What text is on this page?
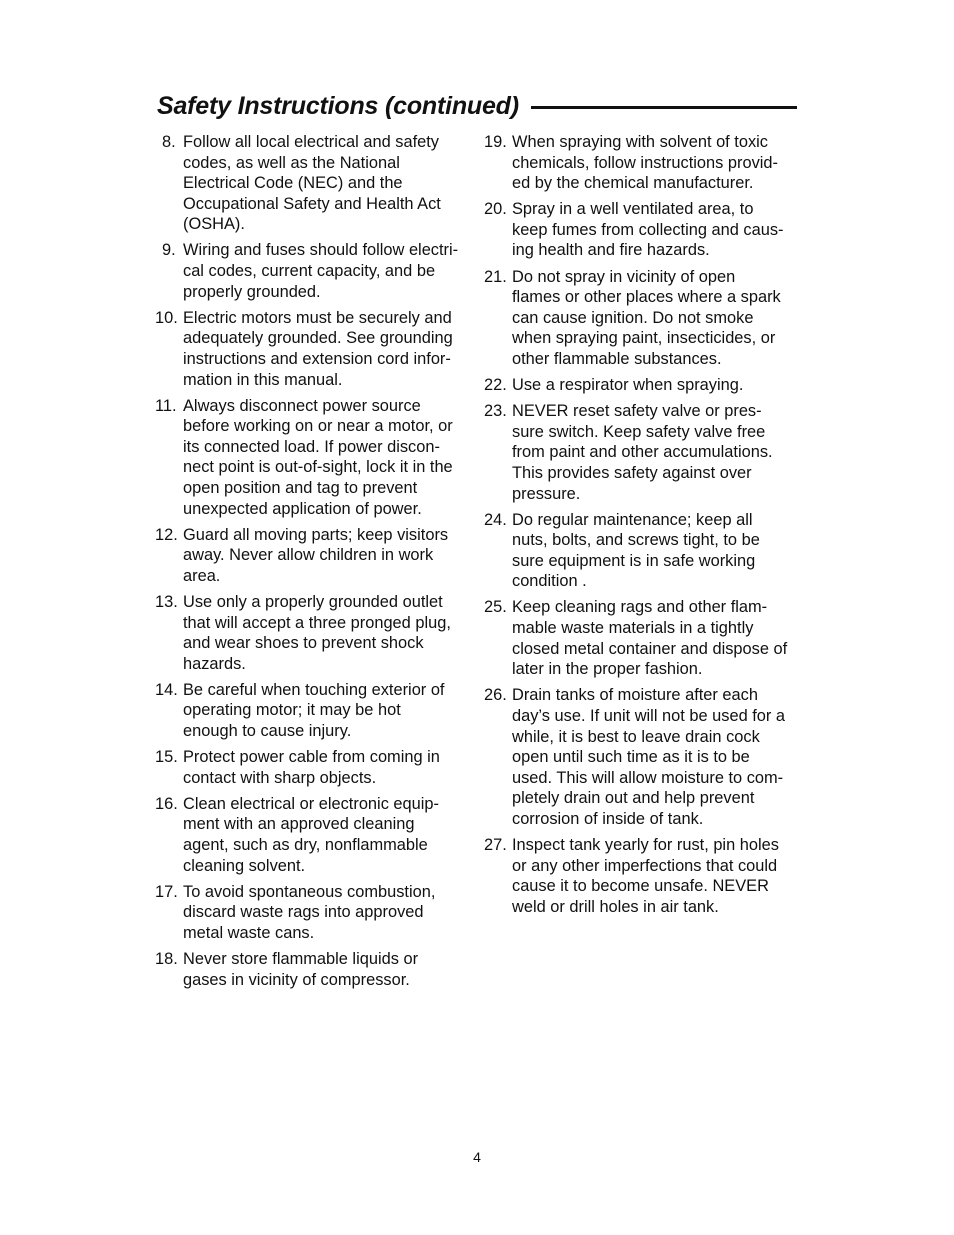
Safety Instructions (continued)
8. Follow all local electrical and safety
codes, as well as the National
Electrical Code (NEC) and the
Occupational Safety and Health Act
(OSHA).
9. Wiring and fuses should follow electri-
cal codes, current capacity, and be
properly grounded.
10. Electric motors must be securely and
adequately grounded. See grounding
instructions and extension cord infor-
mation in this manual.
11. Always disconnect power source
before working on or near a motor, or
its connected load. If power discon-
nect point is out-of-sight, lock it in the
open position and tag to prevent
unexpected application of power.
12. Guard all moving parts; keep visitors
away. Never allow children in work
area.
13. Use only a properly grounded outlet
that will accept a three pronged plug,
and wear shoes to prevent shock
hazards.
14. Be careful when touching exterior of
operating motor; it may be hot
enough to cause injury.
15. Protect power cable from coming in
contact with sharp objects.
16. Clean electrical or electronic equip-
ment with an approved cleaning
agent, such as dry, nonflammable
cleaning solvent.
17. To avoid spontaneous combustion,
discard waste rags into approved
metal waste cans.
18. Never store flammable liquids or
gases in vicinity of compressor.
19. When spraying with solvent of toxic
chemicals, follow instructions provid-
ed by the chemical manufacturer.
20. Spray in a well ventilated area, to
keep fumes from collecting and caus-
ing health and fire hazards.
21. Do not spray in vicinity of open
flames or other places where a spark
can cause ignition. Do not smoke
when spraying paint, insecticides, or
other flammable substances.
22. Use a respirator when spraying.
23. NEVER reset safety valve or pres-
sure switch. Keep safety valve free
from paint and other accumulations.
This provides safety against over
pressure.
24. Do regular maintenance; keep all
nuts, bolts, and screws tight, to be
sure equipment is in safe working
condition .
25. Keep cleaning rags and other flam-
mable waste materials in a tightly
closed metal container and dispose of
later in the proper fashion.
26. Drain tanks of moisture after each
day’s use. If unit will not be used for a
while, it is best to leave drain cock
open until such time as it is to be
used. This will allow moisture to com-
pletely drain out and help prevent
corrosion of inside of tank.
27. Inspect tank yearly for rust, pin holes
or any other imperfections that could
cause it to become unsafe. NEVER
weld or drill holes in air tank.
4
